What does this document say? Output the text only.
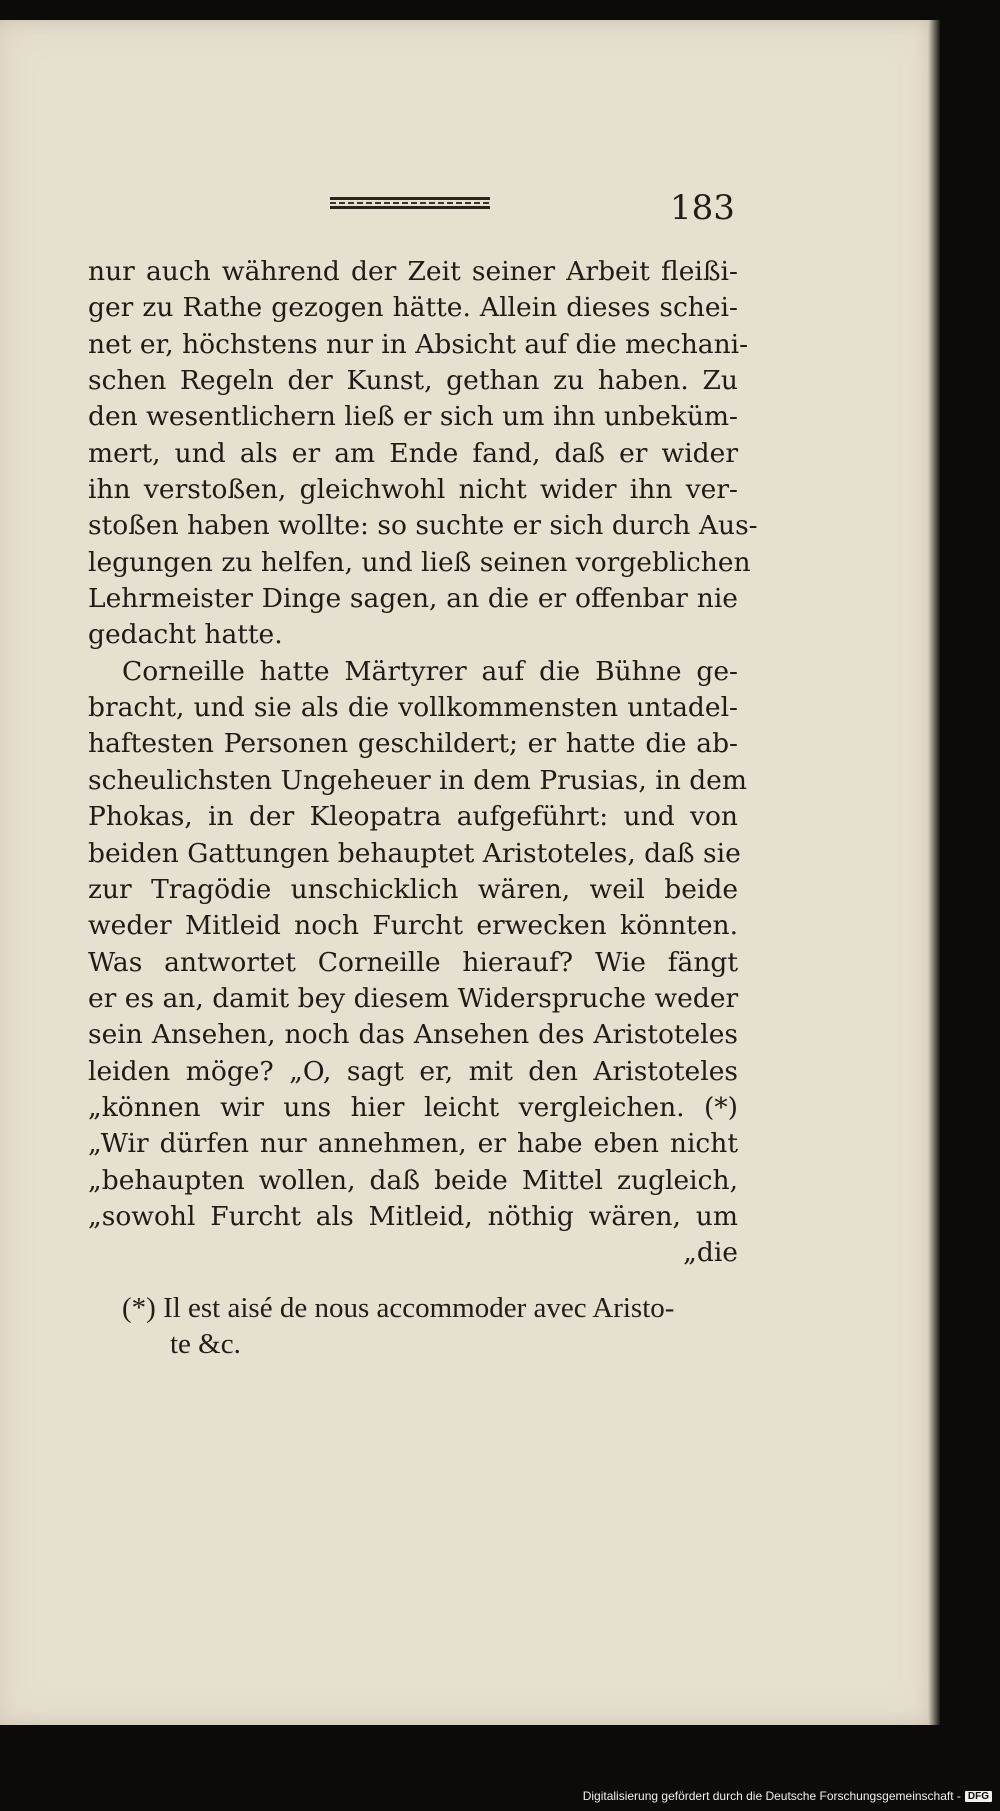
183
nur auch während der Zeit seiner Arbeit fleißi-
ger zu Rathe gezogen hätte. Allein dieses schei-
net er, höchstens nur in Absicht auf die mechani-
schen Regeln der Kunst, gethan zu haben. Zu
den wesentlichern ließ er sich um ihn unbeküm-
mert, und als er am Ende fand, daß er wider
ihn verstoßen, gleichwohl nicht wider ihn ver-
stoßen haben wollte: so suchte er sich durch Aus-
legungen zu helfen, und ließ seinen vorgeblichen
Lehrmeister Dinge sagen, an die er offenbar nie
gedacht hatte.
Corneille hatte Märtyrer auf die Bühne ge-
bracht, und sie als die vollkommensten untadel-
haftesten Personen geschildert; er hatte die ab-
scheulichsten Ungeheuer in dem Prusias, in dem
Phokas, in der Kleopatra aufgeführt: und von
beiden Gattungen behauptet Aristoteles, daß sie
zur Tragödie unschicklich wären, weil beide
weder Mitleid noch Furcht erwecken könnten.
Was antwortet Corneille hierauf? Wie fängt
er es an, damit bey diesem Widerspruche weder
sein Ansehen, noch das Ansehen des Aristoteles
leiden möge? „O, sagt er, mit den Aristoteles
„können wir uns hier leicht vergleichen. (*)
„Wir dürfen nur annehmen, er habe eben nicht
„behaupten wollen, daß beide Mittel zugleich,
„sowohl Furcht als Mitleid, nöthig wären, um
„die
(*) Il est aisé de nous accommoder avec Aristo-
te &c.
Digitalisierung gefördert durch die Deutsche Forschungsgemeinschaft - DFG
